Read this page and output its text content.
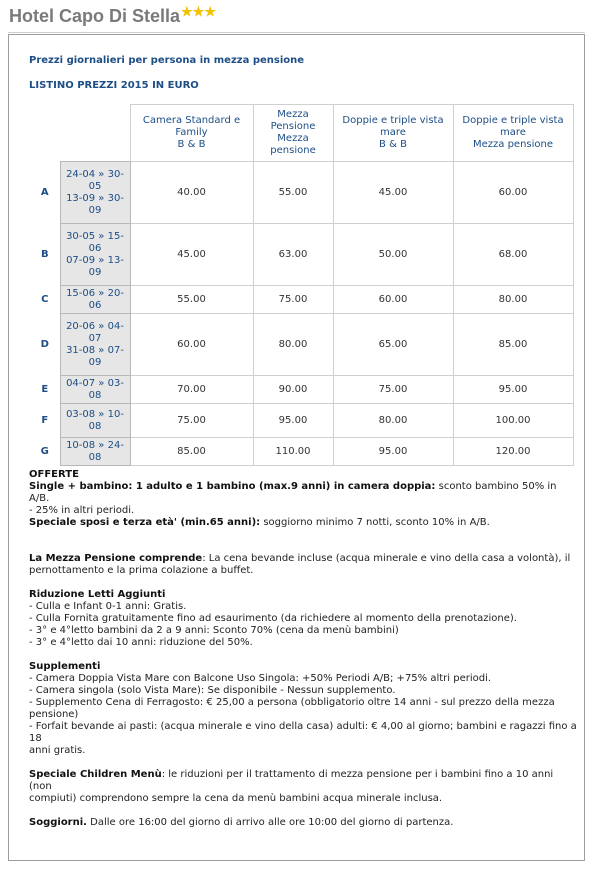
Hotel Capo Di Stella★★★
Prezzi giornalieri per persona in mezza pensione
LISTINO PREZZI 2015 IN EURO
		Camera Standard e
Family
B & B	Mezza
Pensione
Mezza
pensione	Doppie e triple vista
mare
B & B	Doppie e triple vista
mare
Mezza pensione
A	24-04 » 30-
05
13-09 » 30-
09	40.00	55.00	45.00	60.00
B	30-05 » 15-
06
07-09 » 13-
09	45.00	63.00	50.00	68.00
C	15-06 » 20-
06	55.00	75.00	60.00	80.00
D	20-06 » 04-
07
31-08 » 07-
09	60.00	80.00	65.00	85.00
E	04-07 » 03-
08	70.00	90.00	75.00	95.00
F	03-08 » 10-
08	75.00	95.00	80.00	100.00
G	10-08 » 24-
08	85.00	110.00	95.00	120.00

OFFERTE
Single + bambino: 1 adulto e 1 bambino (max.9 anni) in camera doppia: sconto bambino 50% in A/B.
- 25% in altri periodi.
Speciale sposi e terza età' (min.65 anni): soggiorno minimo 7 notti, sconto 10% in A/B.

La Mezza Pensione comprende: La cena bevande incluse (acqua minerale e vino della casa a volontà), il
pernottamento e la prima colazione a buffet.

Riduzione Letti Aggiunti
- Culla e Infant 0-1 anni: Gratis.
- Culla Fornita gratuitamente fino ad esaurimento (da richiedere al momento della prenotazione).
- 3° e 4°letto bambini da 2 a 9 anni: Sconto 70% (cena da menù bambini)
- 3° e 4°letto dai 10 anni: riduzione del 50%.

Supplementi
- Camera Doppia Vista Mare con Balcone Uso Singola: +50% Periodi A/B; +75% altri periodi.
- Camera singola (solo Vista Mare): Se disponibile - Nessun supplemento.
- Supplemento Cena di Ferragosto: € 25,00 a persona (obbligatorio oltre 14 anni - sul prezzo della mezza
pensione)
- Forfait bevande ai pasti: (acqua minerale e vino della casa) adulti: € 4,00 al giorno; bambini e ragazzi fino a 18
anni gratis.

Speciale Children Menù: le riduzioni per il trattamento di mezza pensione per i bambini fino a 10 anni (non
compiuti) comprendono sempre la cena da menù bambini acqua minerale inclusa.

Soggiorni. Dalle ore 16:00 del giorno di arrivo alle ore 10:00 del giorno di partenza.
